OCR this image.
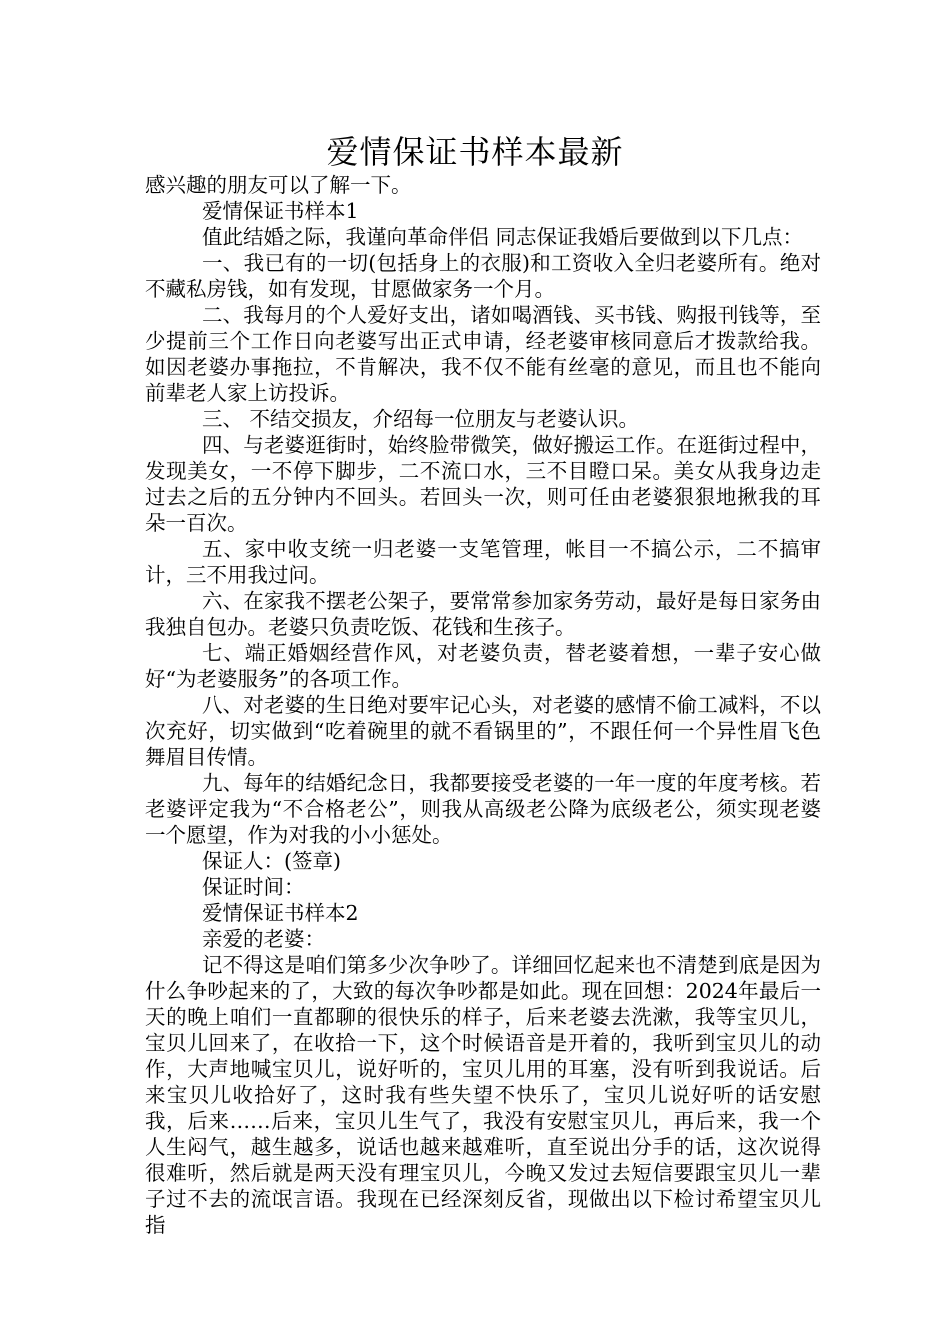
爱情保证书样本最新

感兴趣的朋友可以了解一下。

爱情保证书样本1

值此结婚之际，我谨向革命伴侣 同志保证我婚后要做到以下几点：

一、我已有的一切(包括身上的衣服)和工资收入全归老婆所有。绝对不藏私房钱，如有发现，甘愿做家务一个月。

二、我每月的个人爱好支出，诸如喝酒钱、买书钱、购报刊钱等，至少提前三个工作日向老婆写出正式申请，经老婆审核同意后才拨款给我。如因老婆办事拖拉，不肯解决，我不仅不能有丝毫的意见，而且也不能向前辈老人家上访投诉。

三、 不结交损友，介绍每一位朋友与老婆认识。

四、与老婆逛街时，始终脸带微笑，做好搬运工作。在逛街过程中，发现美女，一不停下脚步，二不流口水，三不目瞪口呆。美女从我身边走过去之后的五分钟内不回头。若回头一次，则可任由老婆狠狠地揪我的耳朵一百次。

五、家中收支统一归老婆一支笔管理，帐目一不搞公示，二不搞审计，三不用我过问。

六、在家我不摆老公架子，要常常参加家务劳动，最好是每日家务由我独自包办。老婆只负责吃饭、花钱和生孩子。

七、端正婚姻经营作风，对老婆负责，替老婆着想，一辈子安心做好“为老婆服务”的各项工作。

八、对老婆的生日绝对要牢记心头，对老婆的感情不偷工减料，不以次充好，切实做到“吃着碗里的就不看锅里的”，不跟任何一个异性眉飞色舞眉目传情。

九、每年的结婚纪念日，我都要接受老婆的一年一度的年度考核。若老婆评定我为“不合格老公”，则我从高级老公降为底级老公，须实现老婆一个愿望，作为对我的小小惩处。

保证人：(签章)

保证时间：

爱情保证书样本2

亲爱的老婆：

记不得这是咱们第多少次争吵了。详细回忆起来也不清楚到底是因为什么争吵起来的了，大致的每次争吵都是如此。现在回想：2024年最后一天的晚上咱们一直都聊的很快乐的样子，后来老婆去洗漱，我等宝贝儿，宝贝儿回来了，在收拾一下，这个时候语音是开着的，我听到宝贝儿的动作，大声地喊宝贝儿，说好听的，宝贝儿用的耳塞，没有听到我说话。后来宝贝儿收拾好了，这时我有些失望不快乐了，宝贝儿说好听的话安慰我，后来……后来，宝贝儿生气了，我没有安慰宝贝儿，再后来，我一个人生闷气，越生越多，说话也越来越难听，直至说出分手的话，这次说得很难听，然后就是两天没有理宝贝儿，今晚又发过去短信要跟宝贝儿一辈子过不去的流氓言语。我现在已经深刻反省，现做出以下检讨希望宝贝儿指
